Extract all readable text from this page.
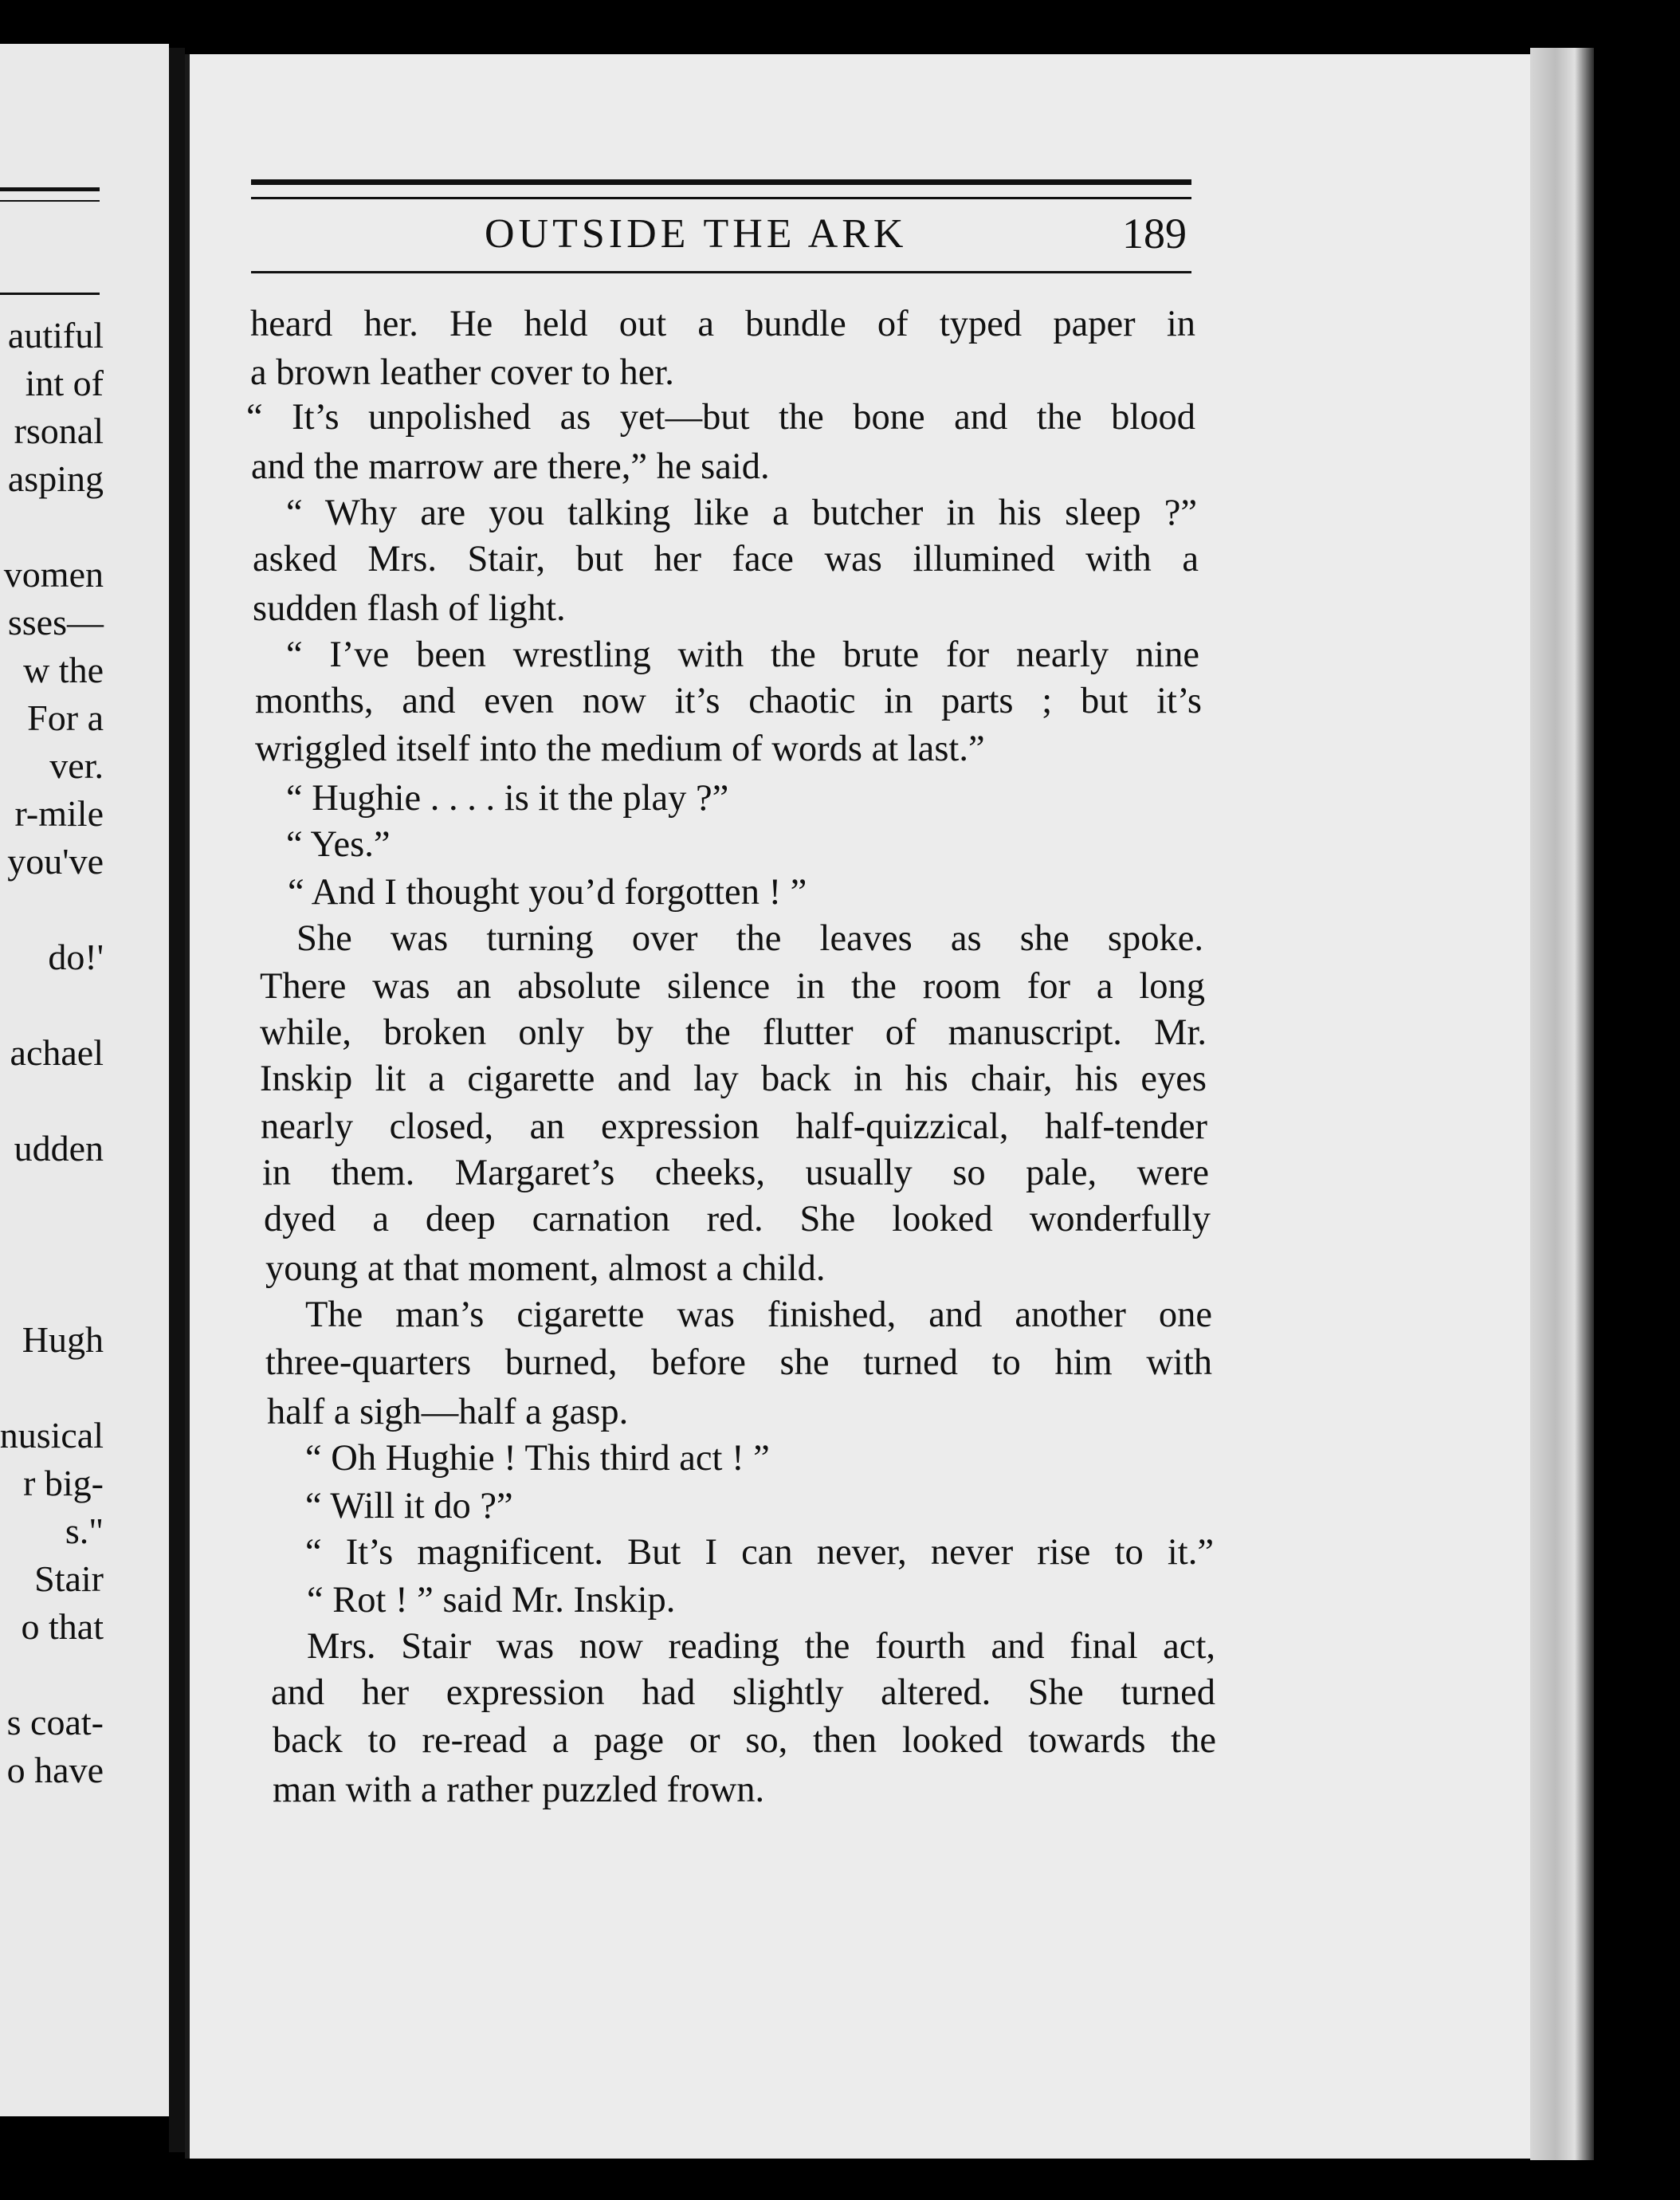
autiful
int of
rsonal
asping
vomen
sses—
w the
For a
ver.
r-mile
you've
do!'
achael
udden
Hugh
nusical
r big-
s."
Stair
o that
s coat-
o have
OUTSIDE THE ARK	189
heard her. He held out a bundle of typed paper in
a brown leather cover to her.
“ It’s unpolished as yet—but the bone and the blood
and the marrow are there,” he said.
“ Why are you talking like a butcher in his sleep ?”
asked Mrs. Stair, but her face was illumined with a
sudden flash of light.
“ I’ve been wrestling with the brute for nearly nine
months, and even now it’s chaotic in parts ; but it’s
wriggled itself into the medium of words at last.”
“ Hughie . . . . is it the play ?”
“ Yes.”
“ And I thought you’d forgotten ! ”
She was turning over the leaves as she spoke.
There was an absolute silence in the room for a long
while, broken only by the flutter of manuscript. Mr.
Inskip lit a cigarette and lay back in his chair, his eyes
nearly closed, an expression half-quizzical, half-tender
in them. Margaret’s cheeks, usually so pale, were
dyed a deep carnation red. She looked wonderfully
young at that moment, almost a child.
The man’s cigarette was finished, and another one
three-quarters burned, before she turned to him with
half a sigh—half a gasp.
“ Oh Hughie ! This third act ! ”
“ Will it do ?”
“ It’s magnificent. But I can never, never rise to it.”
“ Rot ! ” said Mr. Inskip.
Mrs. Stair was now reading the fourth and final act,
and her expression had slightly altered. She turned
back to re-read a page or so, then looked towards the
man with a rather puzzled frown.
